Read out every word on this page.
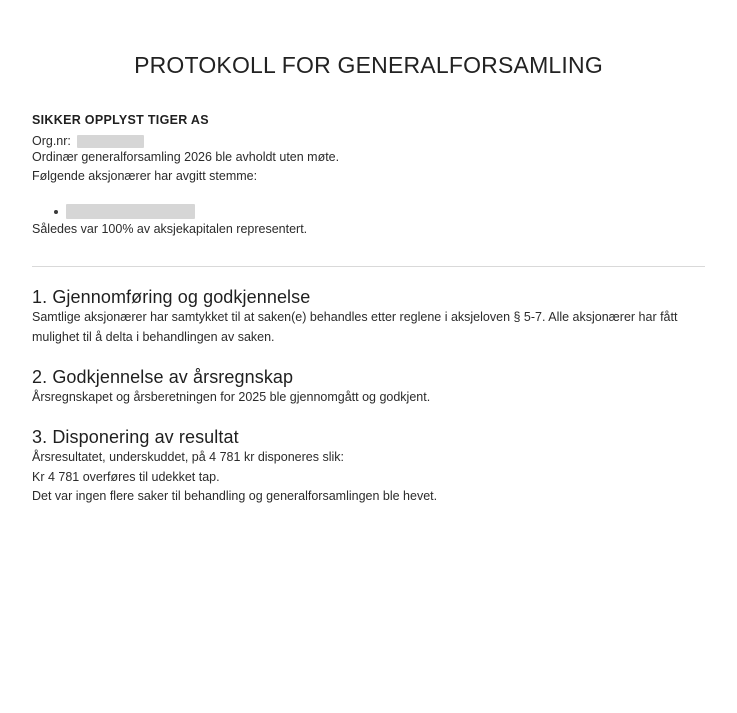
PROTOKOLL FOR GENERALFORSAMLING
SIKKER OPPLYST TIGER AS
Org.nr:

Ordinær generalforsamling 2026 ble avholdt uten møte.

Følgende aksjonærer har avgitt stemme:

Således var 100% av aksjekapitalen representert.

1. Gjennomføring og godkjennelse

Samtlige aksjonærer har samtykket til at saken(e) behandles etter reglene i aksjeloven § 5-7. Alle aksjonærer har fått mulighet til å delta i behandlingen av saken.

2. Godkjennelse av årsregnskap

Årsregnskapet og årsberetningen for 2025 ble gjennomgått og godkjent.

3. Disponering av resultat

Årsresultatet, underskuddet, på 4 781 kr disponeres slik:

Kr 4 781 overføres til udekket tap.

Det var ingen flere saker til behandling og generalforsamlingen ble hevet.
